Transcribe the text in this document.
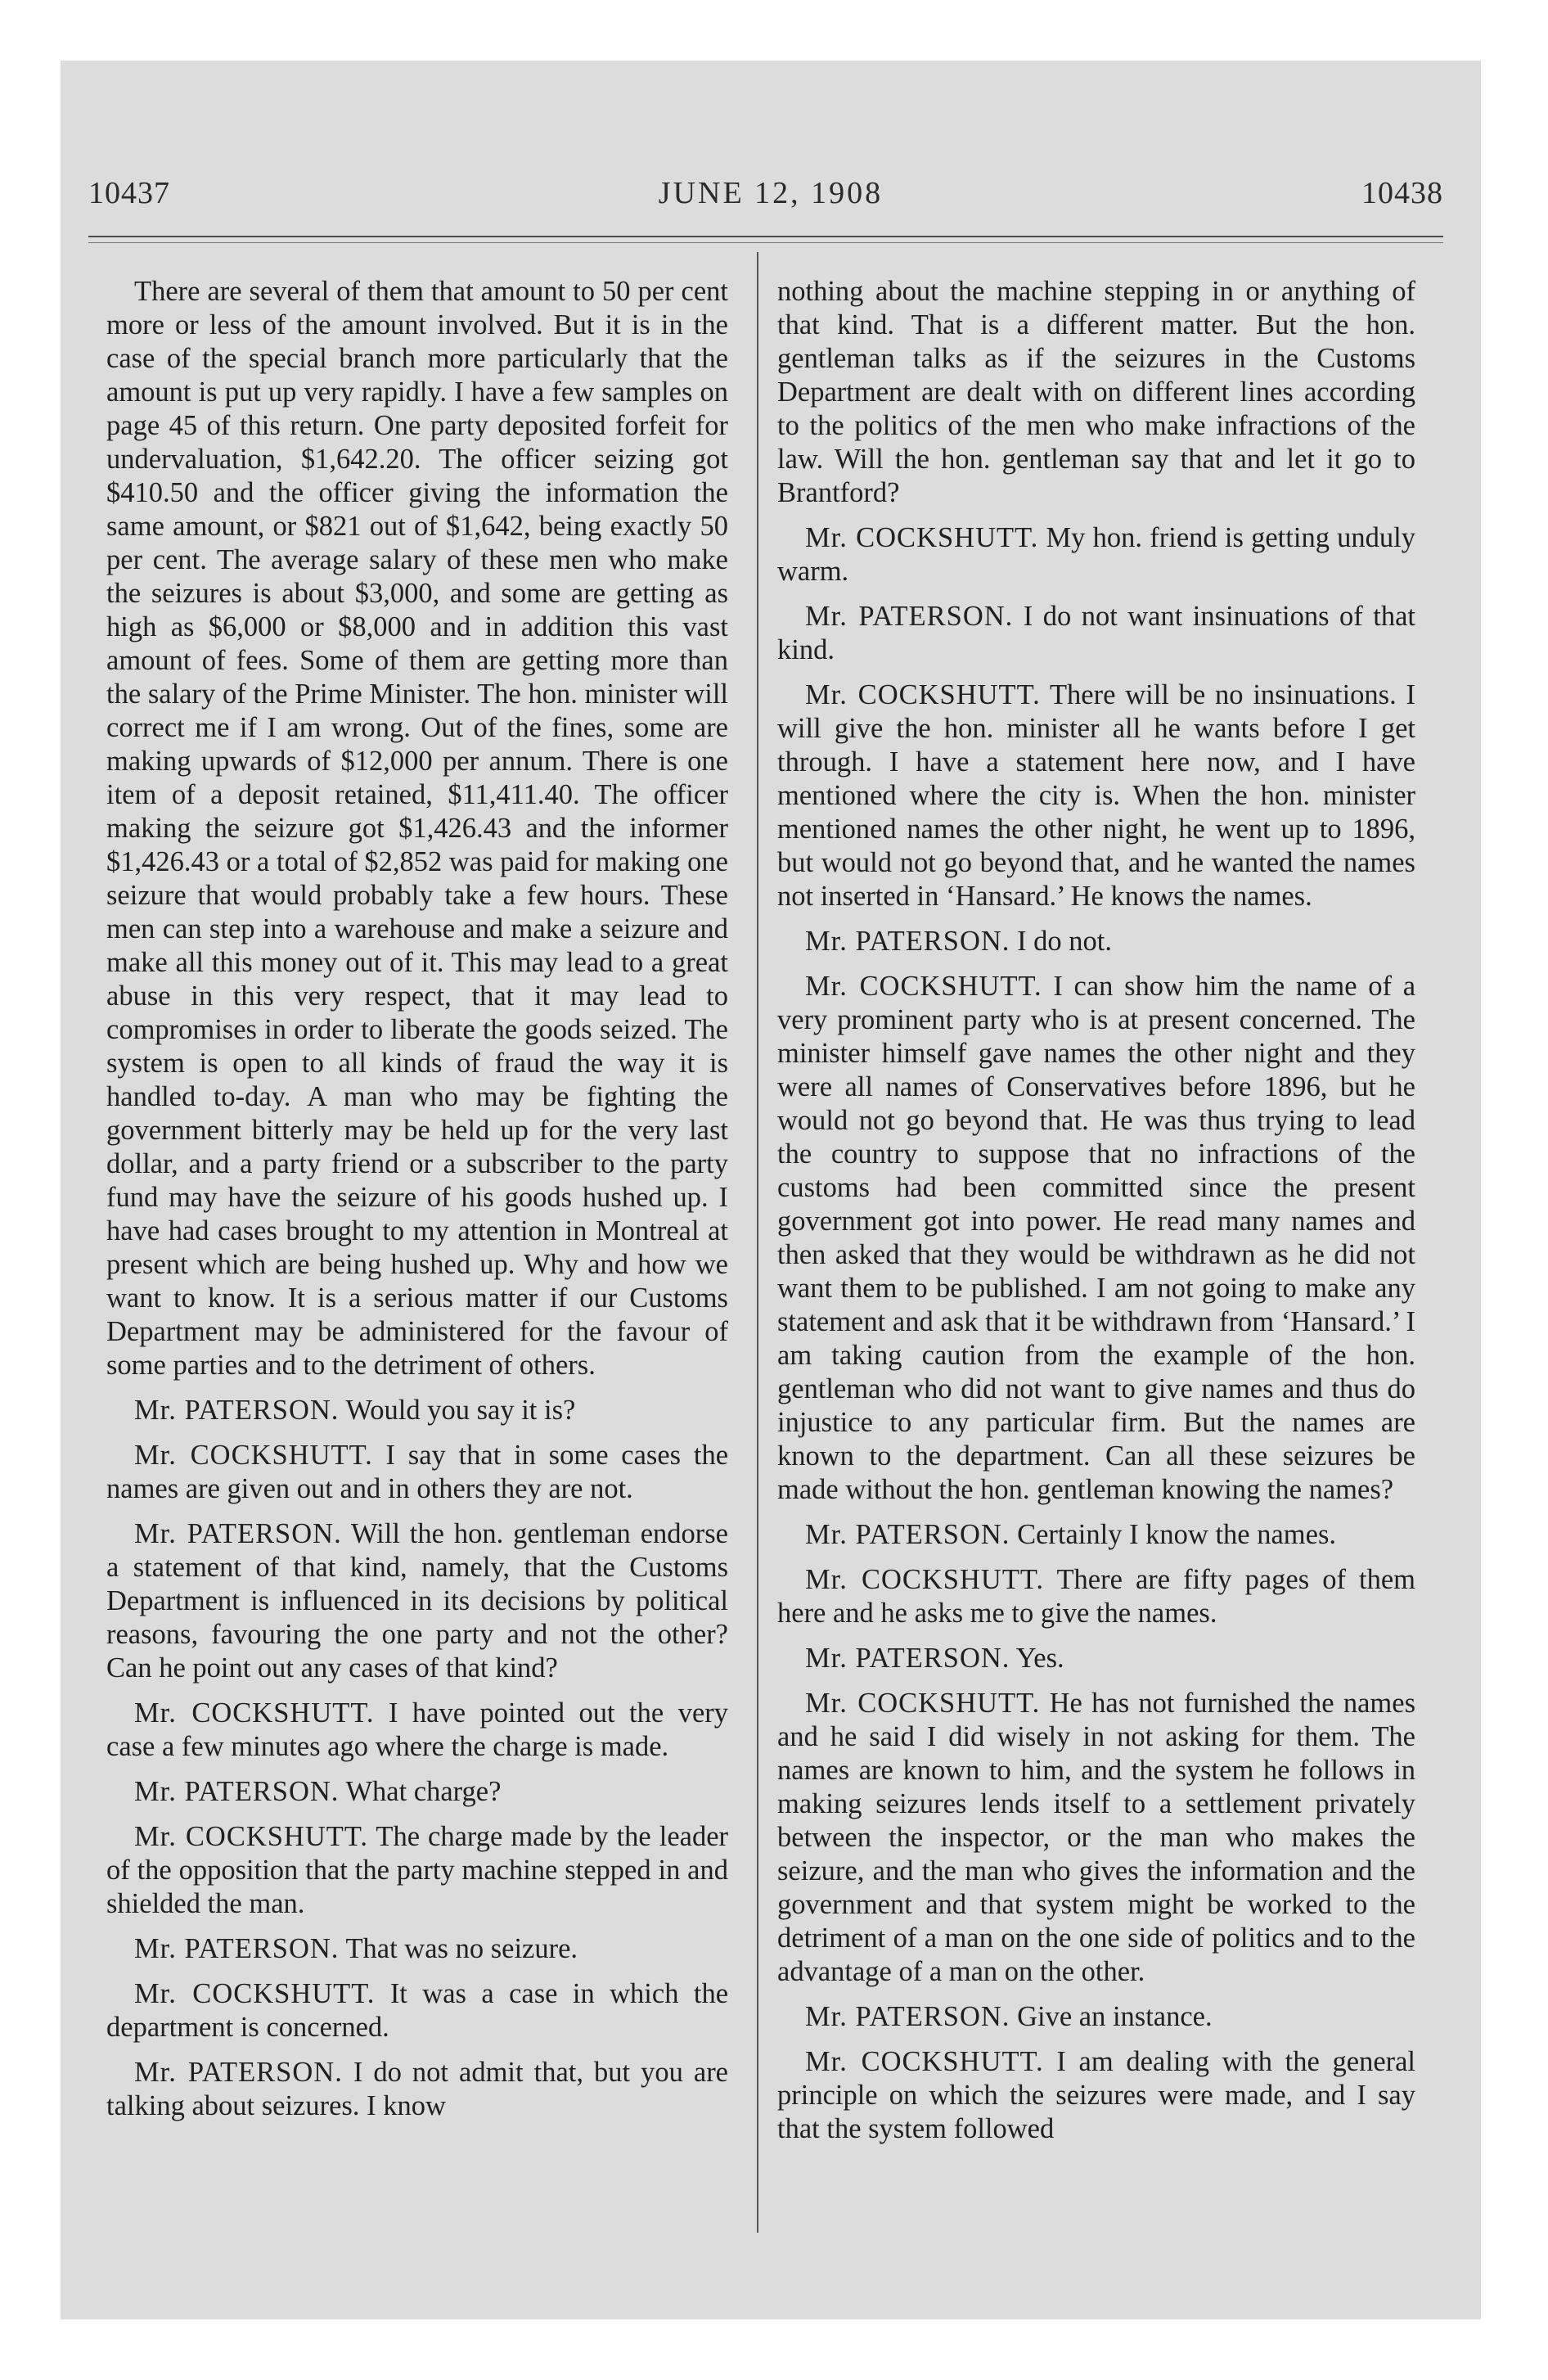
10437	JUNE 12, 1908	10438

There are several of them that amount to 50 per cent more or less of the amount involved. But it is in the case of the special branch more particularly that the amount is put up very rapidly. I have a few samples on page 45 of this return. One party deposited forfeit for undervaluation, $1,642.20. The officer seizing got $410.50 and the officer giving the information the same amount, or $821 out of $1,642, being exactly 50 per cent. The average salary of these men who make the seizures is about $3,000, and some are getting as high as $6,000 or $8,000 and in addition this vast amount of fees. Some of them are getting more than the salary of the Prime Minister. The hon. minister will correct me if I am wrong. Out of the fines, some are making upwards of $12,000 per annum. There is one item of a deposit retained, $11,411.40. The officer making the seizure got $1,426.43 and the informer $1,426.43 or a total of $2,852 was paid for making one seizure that would probably take a few hours. These men can step into a warehouse and make a seizure and make all this money out of it. This may lead to a great abuse in this very respect, that it may lead to compromises in order to liberate the goods seized. The system is open to all kinds of fraud the way it is handled to-day. A man who may be fighting the government bitterly may be held up for the very last dollar, and a party friend or a subscriber to the party fund may have the seizure of his goods hushed up. I have had cases brought to my attention in Montreal at present which are being hushed up. Why and how we want to know. It is a serious matter if our Customs Department may be administered for the favour of some parties and to the detriment of others.

Mr. PATERSON. Would you say it is?

Mr. COCKSHUTT. I say that in some cases the names are given out and in others they are not.

Mr. PATERSON. Will the hon. gentleman endorse a statement of that kind, namely, that the Customs Department is influenced in its decisions by political reasons, favouring the one party and not the other? Can he point out any cases of that kind?

Mr. COCKSHUTT. I have pointed out the very case a few minutes ago where the charge is made.

Mr. PATERSON. What charge?

Mr. COCKSHUTT. The charge made by the leader of the opposition that the party machine stepped in and shielded the man.

Mr. PATERSON. That was no seizure.

Mr. COCKSHUTT. It was a case in which the department is concerned.

Mr. PATERSON. I do not admit that, but you are talking about seizures. I know

nothing about the machine stepping in or anything of that kind. That is a different matter. But the hon. gentleman talks as if the seizures in the Customs Department are dealt with on different lines according to the politics of the men who make infractions of the law. Will the hon. gentleman say that and let it go to Brantford?

Mr. COCKSHUTT. My hon. friend is getting unduly warm.

Mr. PATERSON. I do not want insinuations of that kind.

Mr. COCKSHUTT. There will be no insinuations. I will give the hon. minister all he wants before I get through. I have a statement here now, and I have mentioned where the city is. When the hon. minister mentioned names the other night, he went up to 1896, but would not go beyond that, and he wanted the names not inserted in ‘Hansard.’ He knows the names.

Mr. PATERSON. I do not.

Mr. COCKSHUTT. I can show him the name of a very prominent party who is at present concerned. The minister himself gave names the other night and they were all names of Conservatives before 1896, but he would not go beyond that. He was thus trying to lead the country to suppose that no infractions of the customs had been committed since the present government got into power. He read many names and then asked that they would be withdrawn as he did not want them to be published. I am not going to make any statement and ask that it be withdrawn from ‘Hansard.’ I am taking caution from the example of the hon. gentleman who did not want to give names and thus do injustice to any particular firm. But the names are known to the department. Can all these seizures be made without the hon. gentleman knowing the names?

Mr. PATERSON. Certainly I know the names.

Mr. COCKSHUTT. There are fifty pages of them here and he asks me to give the names.

Mr. PATERSON. Yes.

Mr. COCKSHUTT. He has not furnished the names and he said I did wisely in not asking for them. The names are known to him, and the system he follows in making seizures lends itself to a settlement privately between the inspector, or the man who makes the seizure, and the man who gives the information and the government and that system might be worked to the detriment of a man on the one side of politics and to the advantage of a man on the other.

Mr. PATERSON. Give an instance.

Mr. COCKSHUTT. I am dealing with the general principle on which the seizures were made, and I say that the system followed
